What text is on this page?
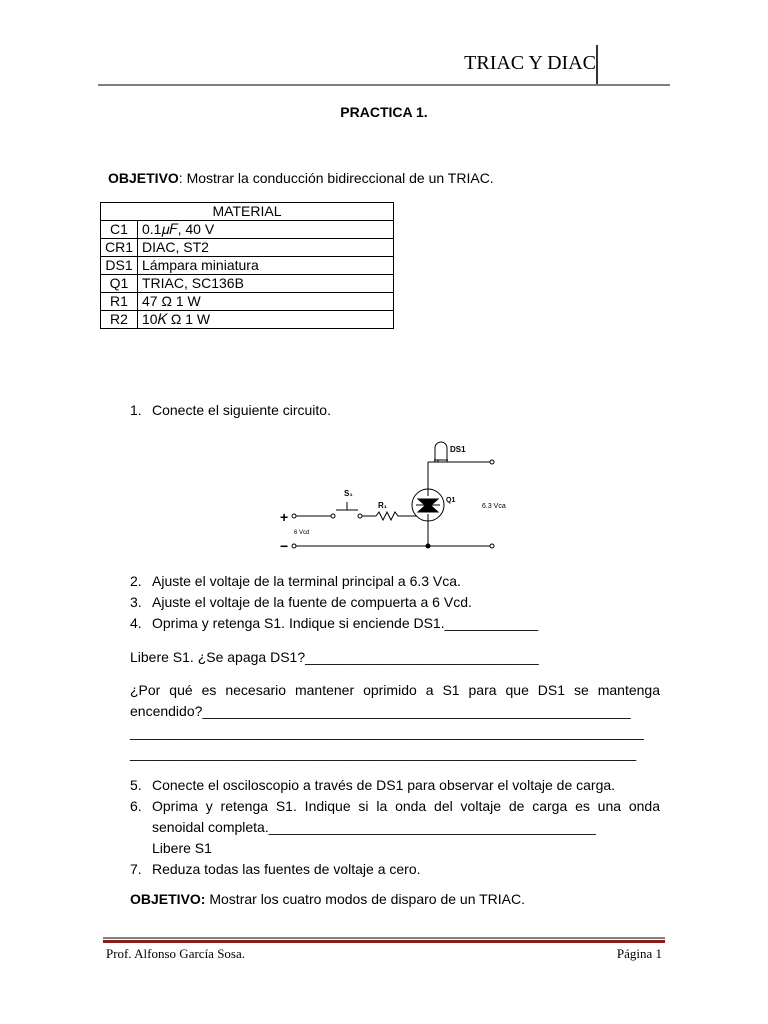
TRIAC Y DIAC
PRACTICA 1.
OBJETIVO: Mostrar la conducción bidireccional de un TRIAC.
MATERIAL	
C1	0.1𝜇𝐹, 40 V
CR1	DIAC, ST2
DS1	Lámpara miniatura
Q1	TRIAC, SC136B
R1	47 Ω 1 W
R2	10𝐾 Ω 1 W
1. Conecte el siguiente circuito.
DS1
S₁
R₁
Q1
+
−
6.3 Vca
6 Vcd
2. Ajuste el voltaje de la terminal principal a 6.3 Vca.
3. Ajuste el voltaje de la fuente de compuerta a 6 Vcd.
4. Oprima y retenga S1. Indique si enciende DS1.____________
Libere S1. ¿Se apaga DS1?______________________________
¿Por qué es necesario mantener oprimido a S1 para que DS1 se mantenga
encendido?_______________________________________________________
__________________________________________________________________
_________________________________________________________________
5. Conecte el osciloscopio a través de DS1 para observar el voltaje de carga.
6. Oprima y retenga S1. Indique si la onda del voltaje de carga es una onda
senoidal completa.__________________________________________
Libere S1
7. Reduza todas las fuentes de voltaje a cero.
OBJETIVO: Mostrar los cuatro modos de disparo de un TRIAC.
Prof. Alfonso García Sosa.	Página 1
